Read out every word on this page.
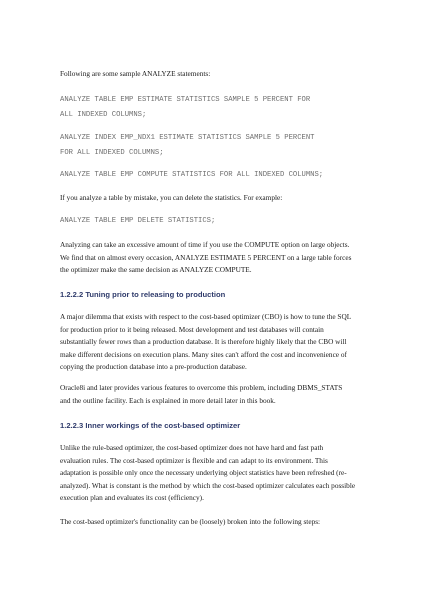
Following are some sample ANALYZE statements:

ANALYZE TABLE EMP ESTIMATE STATISTICS SAMPLE 5 PERCENT FOR

ALL INDEXED COLUMNS;

ANALYZE INDEX EMP_NDX1 ESTIMATE STATISTICS SAMPLE 5 PERCENT

FOR ALL INDEXED COLUMNS;

ANALYZE TABLE EMP COMPUTE STATISTICS FOR ALL INDEXED COLUMNS;

If you analyze a table by mistake, you can delete the statistics. For example:

ANALYZE TABLE EMP DELETE STATISTICS;

Analyzing can take an excessive amount of time if you use the COMPUTE option on large objects.

We find that on almost every occasion, ANALYZE ESTIMATE 5 PERCENT on a large table forces

the optimizer make the same decision as ANALYZE COMPUTE.

1.2.2.2 Tuning prior to releasing to production

A major dilemma that exists with respect to the cost-based optimizer (CBO) is how to tune the SQL

for production prior to it being released. Most development and test databases will contain

substantially fewer rows than a production database. It is therefore highly likely that the CBO will

make different decisions on execution plans. Many sites can't afford the cost and inconvenience of

copying the production database into a pre-production database.

Oracle8i and later provides various features to overcome this problem, including DBMS_STATS

and the outline facility. Each is explained in more detail later in this book.

1.2.2.3 Inner workings of the cost-based optimizer

Unlike the rule-based optimizer, the cost-based optimizer does not have hard and fast path

evaluation rules. The cost-based optimizer is flexible and can adapt to its environment. This

adaptation is possible only once the necessary underlying object statistics have been refreshed (re-

analyzed). What is constant is the method by which the cost-based optimizer calculates each possible

execution plan and evaluates its cost (efficiency).

The cost-based optimizer's functionality can be (loosely) broken into the following steps:
